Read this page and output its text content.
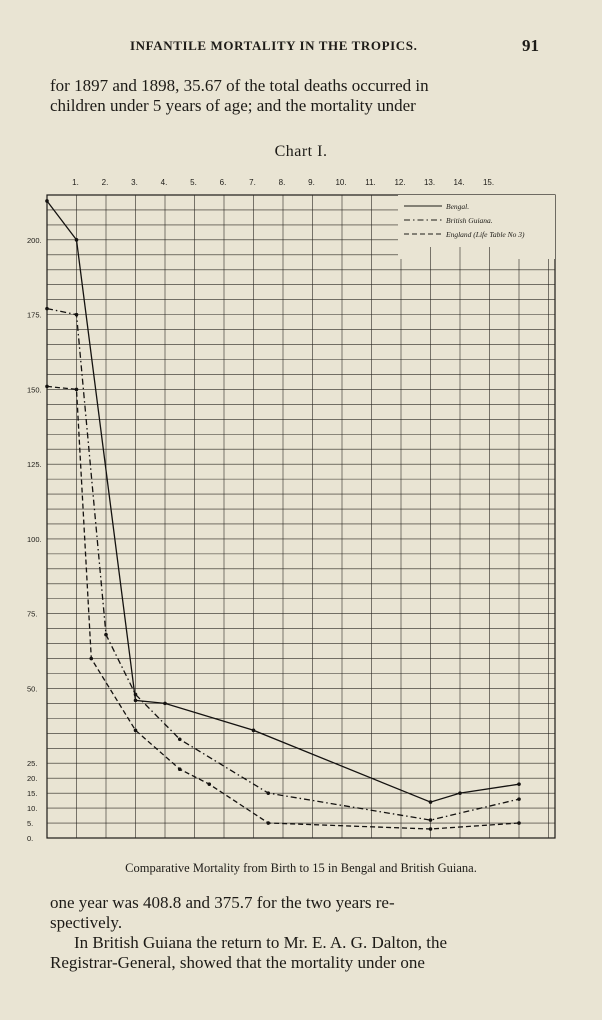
INFANTILE MORTALITY IN THE TROPICS.	91
for 1897 and 1898, 35.67 of the total deaths occurred in
children under 5 years of age; and the mortality under
Chart I.
1.	2.	3.	4.	5.	6.	7.	8.	9.	10. 11. 12. 13. 14. 15.
200.
175.
150.
125.
100.
75.
50.
25.
20.
15.
10.
5.
0.
Bengal.
British Guiana.
England (Life Table No 3)
Comparative Mortality from Birth to 15 in Bengal and British Guiana.

one year was 408.8 and 375.7 for the two years re-

spectively.

In British Guiana the return to Mr. E. A. G. Dalton, the

Registrar-General, showed that the mortality under one
